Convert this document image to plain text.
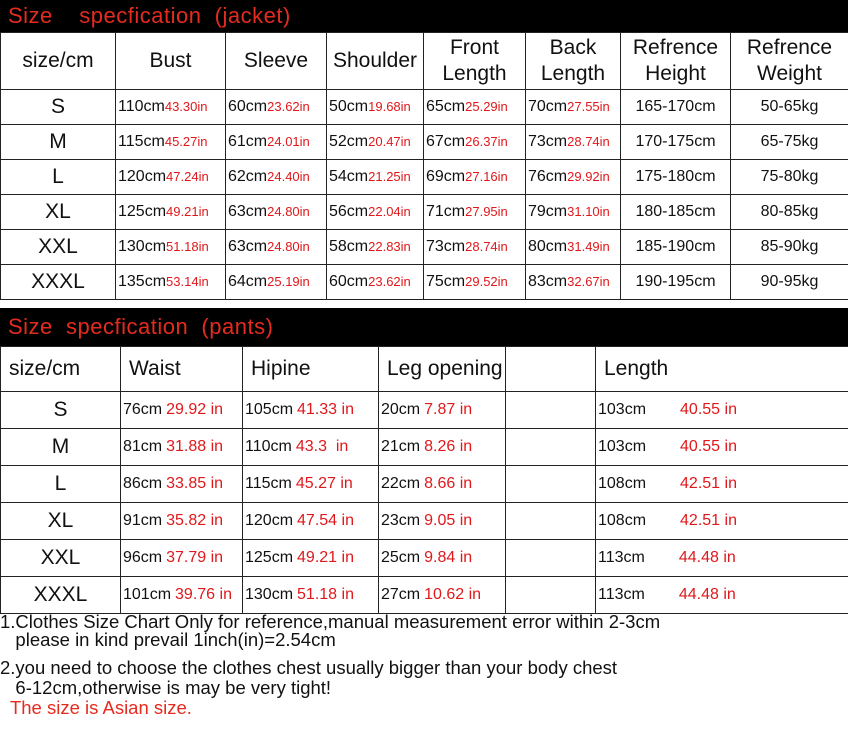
Size    specfication  (jacket)
size/cm	Bust	Sleeve	Shoulder	Front Length	Back Length	Refrence Height	Refrence Weight
S	110cm43.30in	60cm23.62in	50cm19.68in	65cm25.29in	70cm27.55in	165-170cm	50-65kg
M	115cm45.27in	61cm24.01in	52cm20.47in	67cm26.37in	73cm28.74in	170-175cm	65-75kg
L	120cm47.24in	62cm24.40in	54cm21.25in	69cm27.16in	76cm29.92in	175-180cm	75-80kg
XL	125cm49.21in	63cm24.80in	56cm22.04in	71cm27.95in	79cm31.10in	180-185cm	80-85kg
XXL	130cm51.18in	63cm24.80in	58cm22.83in	73cm28.74in	80cm31.49in	185-190cm	85-90kg
XXXL	135cm53.14in	64cm25.19in	60cm23.62in	75cm29.52in	83cm32.67in	190-195cm	90-95kg
Size  specfication  (pants)
size/cm	Waist	Hipine	Leg opening		Length
S	76cm 29.92 in	105cm 41.33 in	20cm 7.87 in		103cm 40.55 in
M	81cm 31.88 in	110cm 43.3  in	21cm 8.26 in		103cm 40.55 in
L	86cm 33.85 in	115cm 45.27 in	22cm 8.66 in		108cm 42.51 in
XL	91cm 35.82 in	120cm 47.54 in	23cm 9.05 in		108cm 42.51 in
XXL	96cm 37.79 in	125cm 49.21 in	25cm 9.84 in		113cm 44.48 in
XXXL	101cm 39.76 in	130cm 51.18 in	27cm 10.62 in		113cm 44.48 in

1.Clothes Size Chart Only for reference,manual measurement error within 2-3cm

please in kind prevail 1inch(in)=2.54cm

2.you need to choose the clothes chest usually bigger than your body chest

6-12cm,otherwise is may be very tight!

The size is Asian size.
